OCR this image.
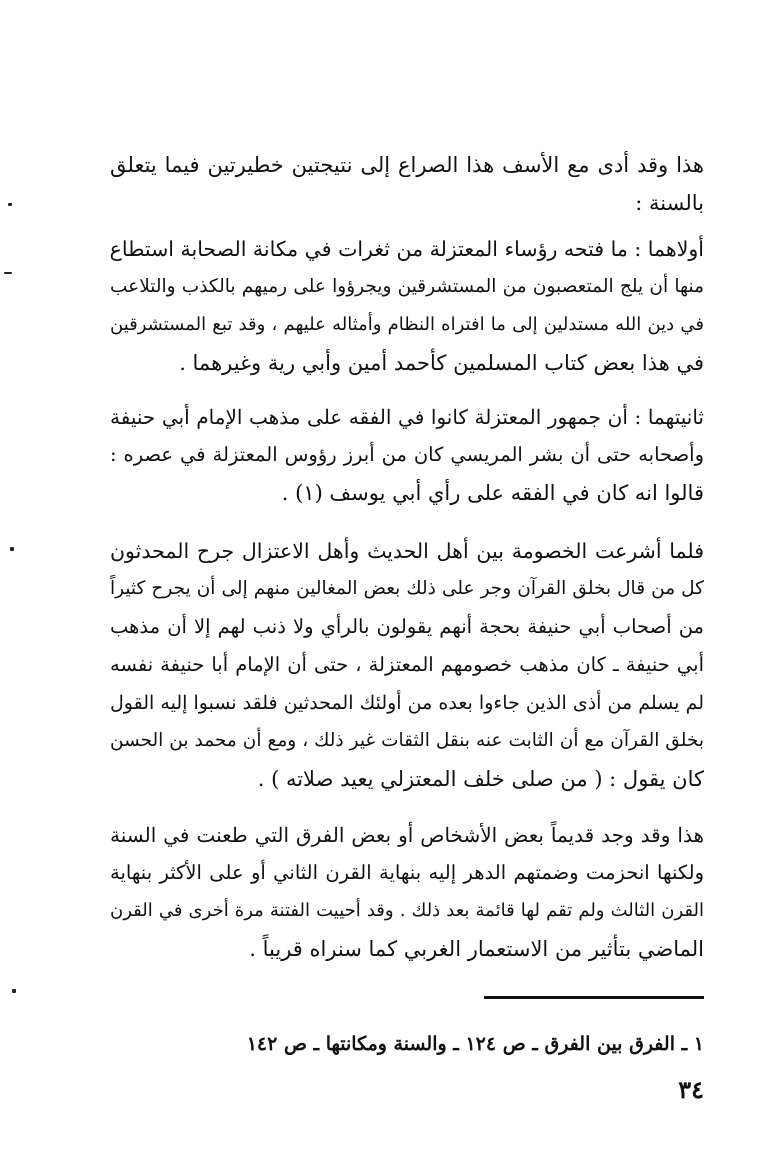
هذا وقد أدى مع الأسف هذا الصراع إلى نتيجتين خطيرتين فيما يتعلق
بالسنة :
أولاهما : ما فتحه رؤساء المعتزلة من ثغرات في مكانة الصحابة استطاع
منها أن يلج المتعصبون من المستشرقين ويجرؤوا على رميهم بالكذب والتلاعب
في دين الله مستدلين إلى ما افتراه النظام وأمثاله عليهم ، وقد تبع المستشرقين
في هذا بعض كتاب المسلمين كأحمد أمين وأبي رية وغيرهما .
ثانيتهما : أن جمهور المعتزلة كانوا في الفقه على مذهب الإمام أبي حنيفة
وأصحابه حتى أن بشر المريسي كان من أبرز رؤوس المعتزلة في عصره :
قالوا انه كان في الفقه على رأي أبي يوسف (١) .
فلما أشرعت الخصومة بين أهل الحديث وأهل الاعتزال جرح المحدثون
كل من قال بخلق القرآن وجر على ذلك بعض المغالين منهم إلى أن يجرح كثيراً
من أصحاب أبي حنيفة بحجة أنهم يقولون بالرأي ولا ذنب لهم إلا أن مذهب
أبي حنيفة ـ كان مذهب خصومهم المعتزلة ، حتى أن الإمام أبا حنيفة نفسه
لم يسلم من أذى الذين جاءوا بعده من أولئك المحدثين فلقد نسبوا إليه القول
بخلق القرآن مع أن الثابت عنه بنقل الثقات غير ذلك ، ومع أن محمد بن الحسن
كان يقول : ( من صلى خلف المعتزلي يعيد صلاته ) .
هذا وقد وجد قديماً بعض الأشخاص أو بعض الفرق التي طعنت في السنة
ولكنها انحزمت وضمتهم الدهر إليه بنهاية القرن الثاني أو على الأكثر بنهاية
القرن الثالث ولم تقم لها قائمة بعد ذلك . وقد أحييت الفتنة مرة أخرى في القرن
الماضي بتأثير من الاستعمار الغربي كما سنراه قريباً .
١ ـ الفرق بين الفرق ـ ص ١٢٤ ـ والسنة ومكانتها ـ ص ١٤٢
٣٤
